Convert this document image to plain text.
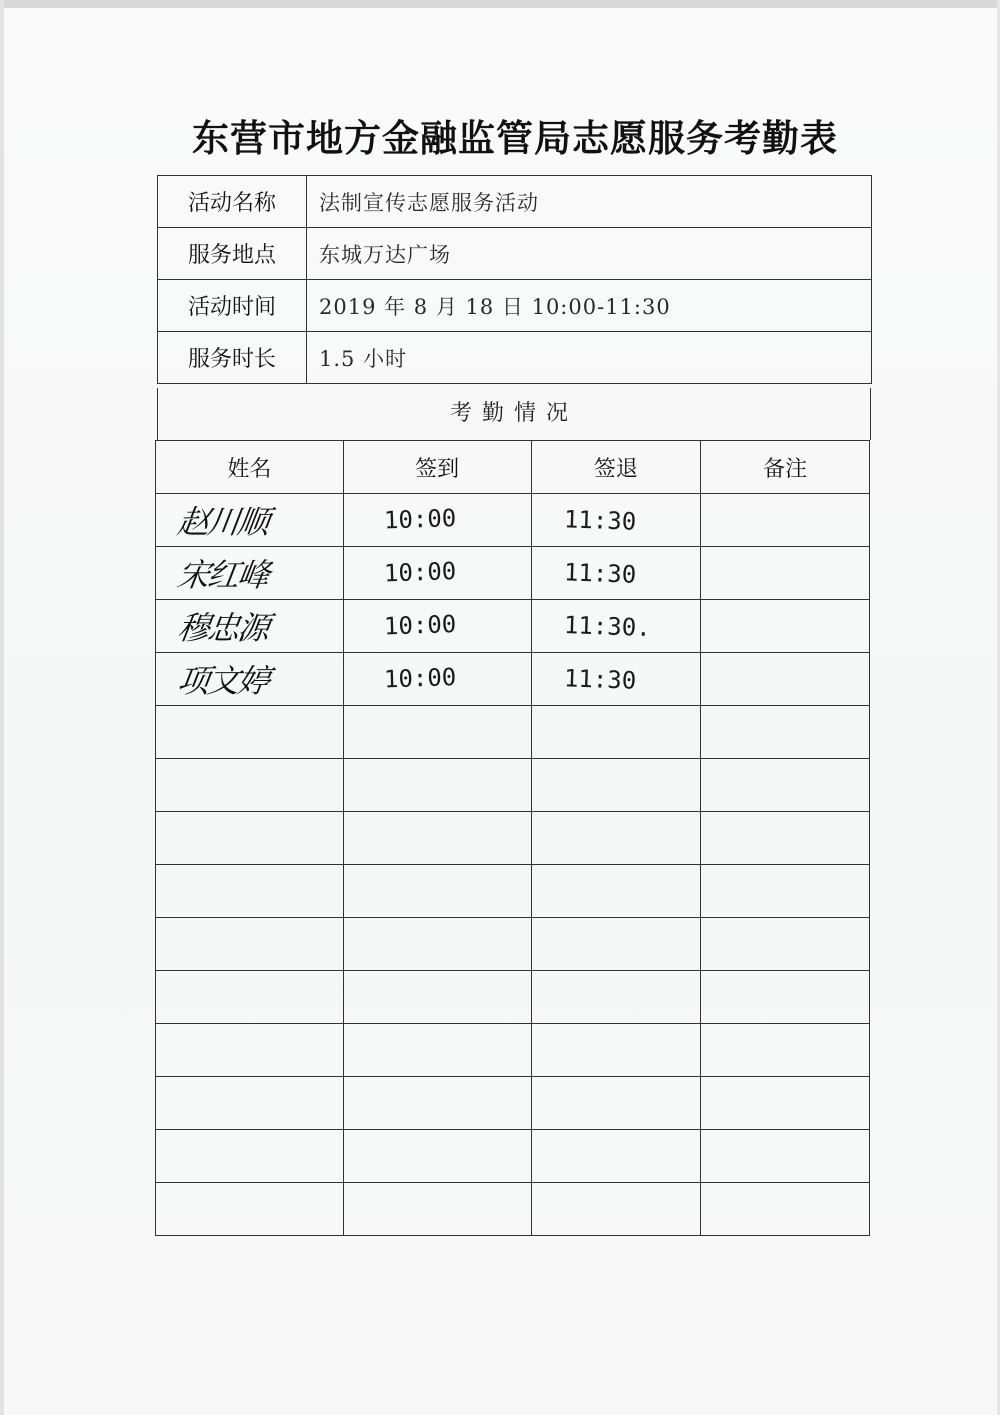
东营市地方金融监管局志愿服务考勤表
活动名称	法制宣传志愿服务活动
服务地点	东城万达广场
活动时间	2019 年 8 月 18 日 10:00-11:30
服务时长	1.5 小时
考勤情况
姓名	签到	签退	备注
赵川顺	10:00	11:30	
宋红峰	10:00	11:30	
穆忠源	10:00	11:30.	
项文婷	10:00	11:30	
